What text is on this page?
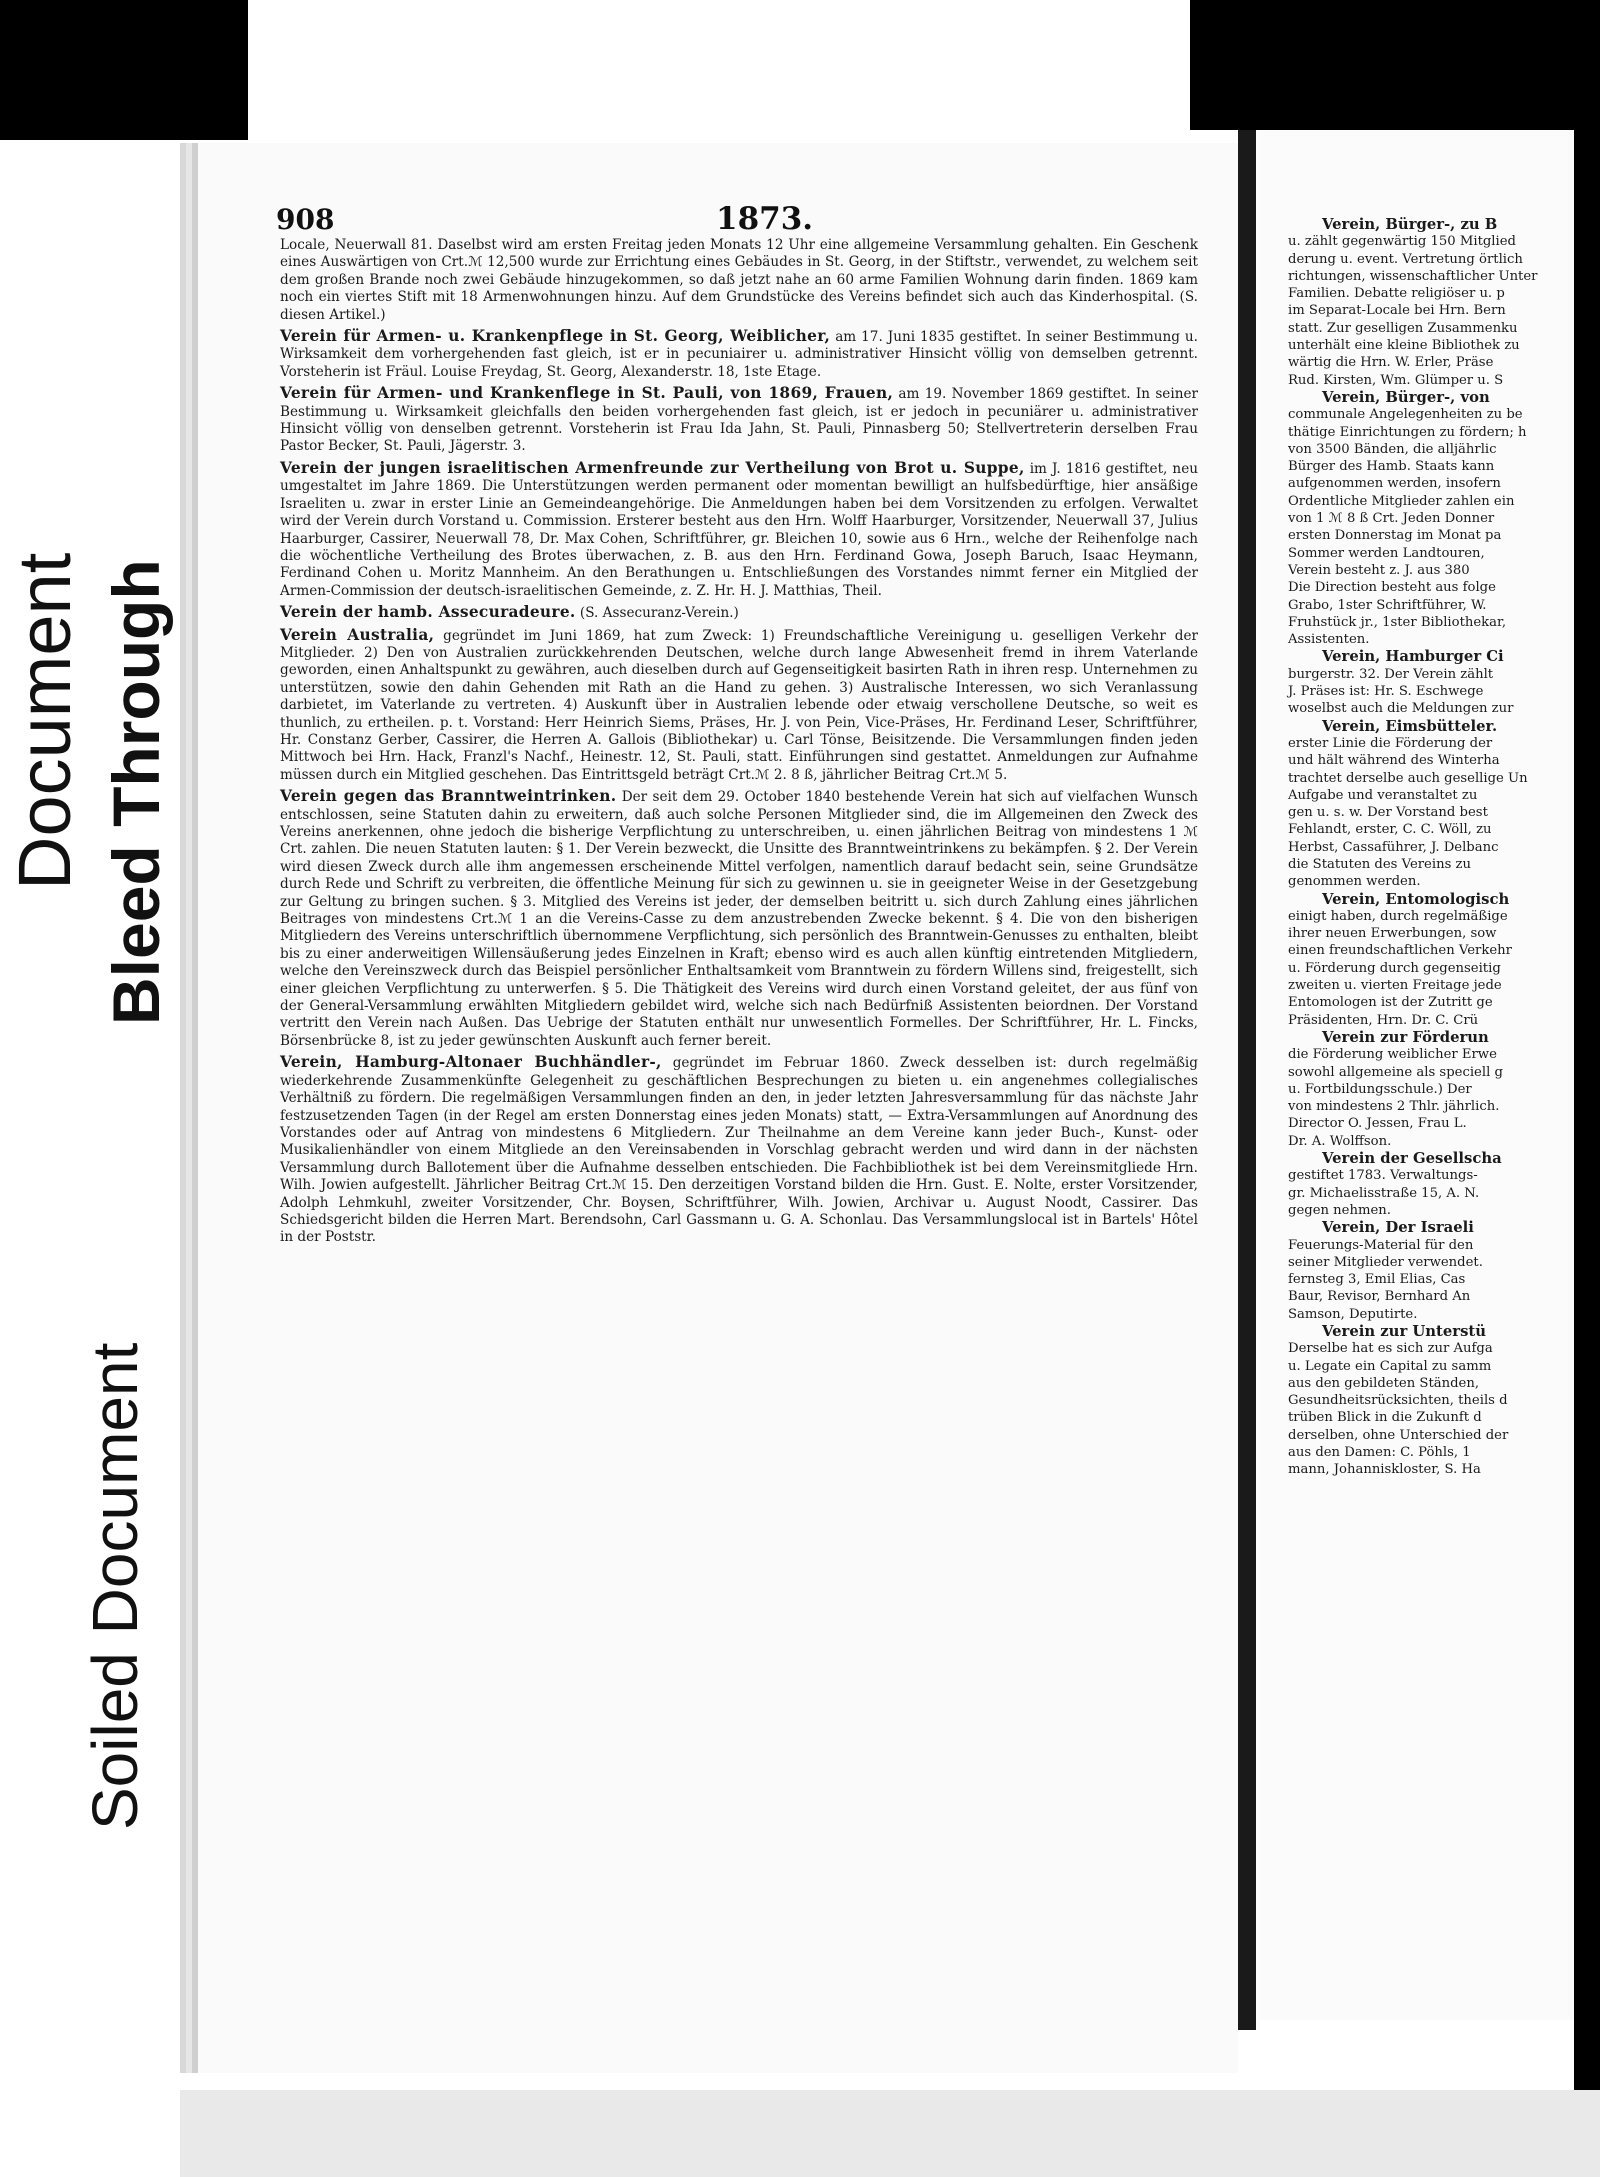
Document Bleed Through
Soiled Document
908	1873.

Locale, Neuerwall 81. Daselbst wird am ersten Freitag jeden Monats 12 Uhr eine allgemeine Versammlung gehalten. Ein Geschenk eines Auswärtigen von Crt.ℳ 12,500 wurde zur Errichtung eines Gebäudes in St. Georg, in der Stiftstr., verwendet, zu welchem seit dem großen Brande noch zwei Gebäude hinzugekommen, so daß jetzt nahe an 60 arme Familien Wohnung darin finden. 1869 kam noch ein viertes Stift mit 18 Armenwohnungen hinzu. Auf dem Grundstücke des Vereins befindet sich auch das Kinderhospital. (S. diesen Artikel.)

Verein für Armen- u. Krankenpflege in St. Georg, Weiblicher, am 17. Juni 1835 gestiftet. In seiner Bestimmung u. Wirksamkeit dem vorhergehenden fast gleich, ist er in pecuniairer u. administrativer Hinsicht völlig von demselben getrennt. Vorsteherin ist Fräul. Louise Freydag, St. Georg, Alexanderstr. 18, 1ste Etage.

Verein für Armen- und Krankenflege in St. Pauli, von 1869, Frauen, am 19. November 1869 gestiftet. In seiner Bestimmung u. Wirksamkeit gleichfalls den beiden vorhergehenden fast gleich, ist er jedoch in pecuniärer u. administrativer Hinsicht völlig von denselben getrennt. Vorsteherin ist Frau Ida Jahn, St. Pauli, Pinnasberg 50; Stellvertreterin derselben Frau Pastor Becker, St. Pauli, Jägerstr. 3.

Verein der jungen israelitischen Armenfreunde zur Vertheilung von Brot u. Suppe, im J. 1816 gestiftet, neu umgestaltet im Jahre 1869. Die Unterstützungen werden permanent oder momentan bewilligt an hulfsbedürftige, hier ansäßige Israeliten u. zwar in erster Linie an Gemeindeangehörige. Die Anmeldungen haben bei dem Vorsitzenden zu erfolgen. Verwaltet wird der Verein durch Vorstand u. Commission. Ersterer besteht aus den Hrn. Wolff Haarburger, Vorsitzender, Neuerwall 37, Julius Haarburger, Cassirer, Neuerwall 78, Dr. Max Cohen, Schriftführer, gr. Bleichen 10, sowie aus 6 Hrn., welche der Reihenfolge nach die wöchentliche Vertheilung des Brotes überwachen, z. B. aus den Hrn. Ferdinand Gowa, Joseph Baruch, Isaac Heymann, Ferdinand Cohen u. Moritz Mannheim. An den Berathungen u. Entschließungen des Vorstandes nimmt ferner ein Mitglied der Armen-Commission der deutsch-israelitischen Gemeinde, z. Z. Hr. H. J. Matthias, Theil.

Verein der hamb. Assecuradeure. (S. Assecuranz-Verein.)

Verein Australia, gegründet im Juni 1869, hat zum Zweck: 1) Freundschaftliche Vereinigung u. geselligen Verkehr der Mitglieder. 2) Den von Australien zurückkehrenden Deutschen, welche durch lange Abwesenheit fremd in ihrem Vaterlande geworden, einen Anhaltspunkt zu gewähren, auch dieselben durch auf Gegenseitigkeit basirten Rath in ihren resp. Unternehmen zu unterstützen, sowie den dahin Gehenden mit Rath an die Hand zu gehen. 3) Australische Interessen, wo sich Veranlassung darbietet, im Vaterlande zu vertreten. 4) Auskunft über in Australien lebende oder etwaig verschollene Deutsche, so weit es thunlich, zu ertheilen. p. t. Vorstand: Herr Heinrich Siems, Präses, Hr. J. von Pein, Vice-Präses, Hr. Ferdinand Leser, Schriftführer, Hr. Constanz Gerber, Cassirer, die Herren A. Gallois (Bibliothekar) u. Carl Tönse, Beisitzende. Die Versammlungen finden jeden Mittwoch bei Hrn. Hack, Franzl's Nachf., Heinestr. 12, St. Pauli, statt. Einführungen sind gestattet. Anmeldungen zur Aufnahme müssen durch ein Mitglied geschehen. Das Eintrittsgeld beträgt Crt.ℳ 2. 8 ß, jährlicher Beitrag Crt.ℳ 5.

Verein gegen das Branntweintrinken. Der seit dem 29. October 1840 bestehende Verein hat sich auf vielfachen Wunsch entschlossen, seine Statuten dahin zu erweitern, daß auch solche Personen Mitglieder sind, die im Allgemeinen den Zweck des Vereins anerkennen, ohne jedoch die bisherige Verpflichtung zu unterschreiben, u. einen jährlichen Beitrag von mindestens 1 ℳ Crt. zahlen. Die neuen Statuten lauten: § 1. Der Verein bezweckt, die Unsitte des Branntweintrinkens zu bekämpfen. § 2. Der Verein wird diesen Zweck durch alle ihm angemessen erscheinende Mittel verfolgen, namentlich darauf bedacht sein, seine Grundsätze durch Rede und Schrift zu verbreiten, die öffentliche Meinung für sich zu gewinnen u. sie in geeigneter Weise in der Gesetzgebung zur Geltung zu bringen suchen. § 3. Mitglied des Vereins ist jeder, der demselben beitritt u. sich durch Zahlung eines jährlichen Beitrages von mindestens Crt.ℳ 1 an die Vereins-Casse zu dem anzustrebenden Zwecke bekennt. § 4. Die von den bisherigen Mitgliedern des Vereins unterschriftlich übernommene Verpflichtung, sich persönlich des Branntwein-Genusses zu enthalten, bleibt bis zu einer anderweitigen Willensäußerung jedes Einzelnen in Kraft; ebenso wird es auch allen künftig eintretenden Mitgliedern, welche den Vereinszweck durch das Beispiel persönlicher Enthaltsamkeit vom Branntwein zu fördern Willens sind, freigestellt, sich einer gleichen Verpflichtung zu unterwerfen. § 5. Die Thätigkeit des Vereins wird durch einen Vorstand geleitet, der aus fünf von der General-Versammlung erwählten Mitgliedern gebildet wird, welche sich nach Bedürfniß Assistenten beiordnen. Der Vorstand vertritt den Verein nach Außen. Das Uebrige der Statuten enthält nur unwesentlich Formelles. Der Schriftführer, Hr. L. Fincks, Börsenbrücke 8, ist zu jeder gewünschten Auskunft auch ferner bereit.

Verein, Hamburg-Altonaer Buchhändler-, gegründet im Februar 1860. Zweck desselben ist: durch regelmäßig wiederkehrende Zusammenkünfte Gelegenheit zu geschäftlichen Besprechungen zu bieten u. ein angenehmes collegialisches Verhältniß zu fördern. Die regelmäßigen Versammlungen finden an den, in jeder letzten Jahresversammlung für das nächste Jahr festzusetzenden Tagen (in der Regel am ersten Donnerstag eines jeden Monats) statt, — Extra-Versammlungen auf Anordnung des Vorstandes oder auf Antrag von mindestens 6 Mitgliedern. Zur Theilnahme an dem Vereine kann jeder Buch-, Kunst- oder Musikalienhändler von einem Mitgliede an den Vereinsabenden in Vorschlag gebracht werden und wird dann in der nächsten Versammlung durch Ballotement über die Aufnahme desselben entschieden. Die Fachbibliothek ist bei dem Vereinsmitgliede Hrn. Wilh. Jowien aufgestellt. Jährlicher Beitrag Crt.ℳ 15. Den derzeitigen Vorstand bilden die Hrn. Gust. E. Nolte, erster Vorsitzender, Adolph Lehmkuhl, zweiter Vorsitzender, Chr. Boysen, Schriftführer, Wilh. Jowien, Archivar u. August Noodt, Cassirer. Das Schiedsgericht bilden die Herren Mart. Berendsohn, Carl Gassmann u. G. A. Schonlau. Das Versammlungslocal ist in Bartels' Hôtel in der Poststr.

Verein, Bürger-, zu B

u. zählt gegenwärtig 150 Mitglied

derung u. event. Vertretung örtlich

richtungen, wissenschaftlicher Unter

Familien. Debatte religiöser u. p

im Separat-Locale bei Hrn. Bern

statt. Zur geselligen Zusammenku

unterhält eine kleine Bibliothek zu

wärtig die Hrn. W. Erler, Präse

Rud. Kirsten, Wm. Glümper u. S

Verein, Bürger-, von

communale Angelegenheiten zu be

thätige Einrichtungen zu fördern; h

von 3500 Bänden, die alljährlic

Bürger des Hamb. Staats kann

aufgenommen werden, insofern

Ordentliche Mitglieder zahlen ein

von 1 ℳ 8 ß Crt. Jeden Donner

ersten Donnerstag im Monat pa

Sommer werden Landtouren,

Verein besteht z. J. aus 380

Die Direction besteht aus folge

Grabo, 1ster Schriftführer, W.

Fruhstück jr., 1ster Bibliothekar,

Assistenten.

Verein, Hamburger Ci

burgerstr. 32. Der Verein zählt

J. Präses ist: Hr. S. Eschwege

woselbst auch die Meldungen zur

Verein, Eimsbütteler.

erster Linie die Förderung der

und hält während des Winterha

trachtet derselbe auch gesellige Un

Aufgabe und veranstaltet zu

gen u. s. w. Der Vorstand best

Fehlandt, erster, C. C. Wöll, zu

Herbst, Cassaführer, J. Delbanc

die Statuten des Vereins zu

genommen werden.

Verein, Entomologisch

einigt haben, durch regelmäßige

ihrer neuen Erwerbungen, sow

einen freundschaftlichen Verkehr

u. Förderung durch gegenseitig

zweiten u. vierten Freitage jede

Entomologen ist der Zutritt ge

Präsidenten, Hrn. Dr. C. Crü

Verein zur Förderun

die Förderung weiblicher Erwe

sowohl allgemeine als speciell g

u. Fortbildungsschule.) Der

von mindestens 2 Thlr. jährlich.

Director O. Jessen, Frau L.

Dr. A. Wolffson.

Verein der Gesellscha

gestiftet 1783. Verwaltungs-

gr. Michaelisstraße 15, A. N.

gegen nehmen.

Verein, Der Israeli

Feuerungs-Material für den

seiner Mitglieder verwendet.

fernsteg 3, Emil Elias, Cas

Baur, Revisor, Bernhard An

Samson, Deputirte.

Verein zur Unterstü

Derselbe hat es sich zur Aufga

u. Legate ein Capital zu samm

aus den gebildeten Ständen,

Gesundheitsrücksichten, theils d

trüben Blick in die Zukunft d

derselben, ohne Unterschied der

aus den Damen: C. Pöhls, 1

mann, Johanniskloster, S. Ha
